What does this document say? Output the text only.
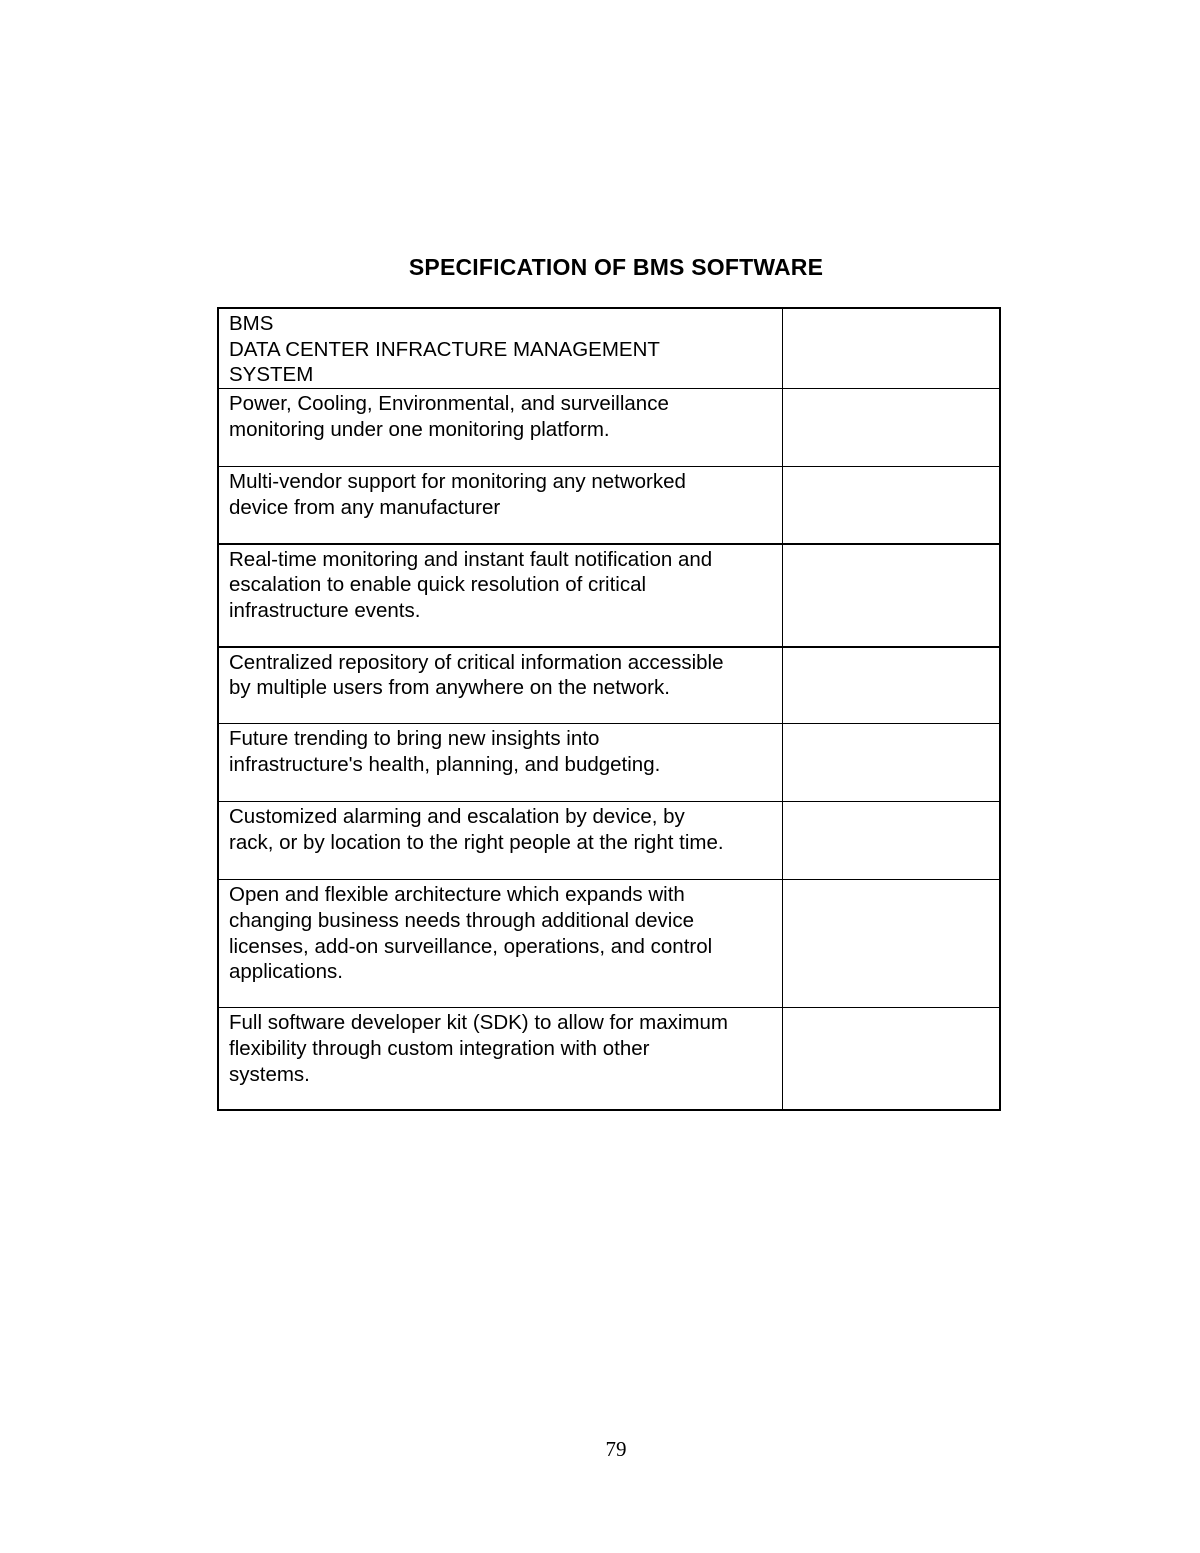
SPECIFICATION OF BMS SOFTWARE
BMS
DATA CENTER INFRACTURE MANAGEMENT
SYSTEM	

Power, Cooling, Environmental, and surveillance
monitoring under one monitoring platform.	

Multi-vendor support for monitoring any networked
device from any manufacturer	

Real-time monitoring and instant fault notification and
escalation to enable quick resolution of critical
infrastructure events.	

Centralized repository of critical information accessible
by multiple users from anywhere on the network.	

Future trending to bring new insights into
infrastructure's health, planning, and budgeting.	

Customized alarming and escalation by device, by
rack, or by location to the right people at the right time.	

Open and flexible architecture which expands with
changing business needs through additional device
licenses, add-on surveillance, operations, and control
applications.	

Full software developer kit (SDK) to allow for maximum
flexibility through custom integration with other
systems.	

79
